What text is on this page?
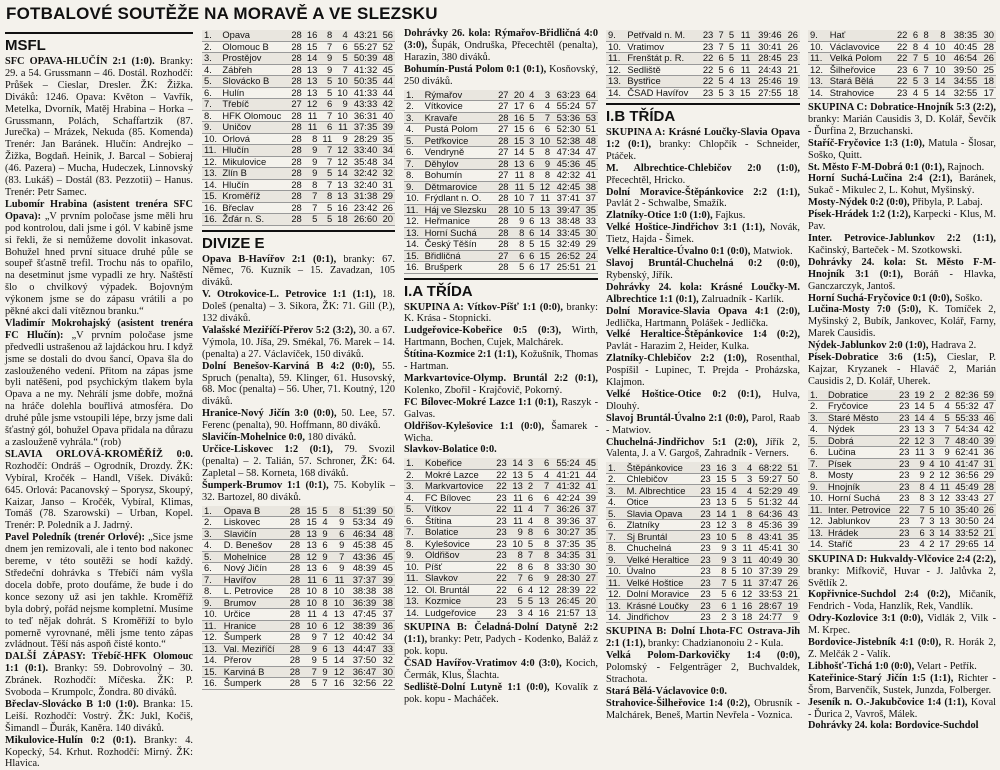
FOTBALOVÉ SOUTĚŽE NA MORAVĚ A VE SLEZSKU
MSFL

SFC OPAVA-HLUČÍN 2:1 (1:0). Branky: 29. a 54. Grussmann – 46. Dostál. Rozhodčí: Průšek – Cieslar, Dresler. ŽK: Žižka. Diváků: 1246. Opava: Květon – Vavřík, Metelka, Dvorník, Matěj Hrabina – Horka – Grussmann, Polách, Schaffartzik (87. Jurečka) – Mrázek, Nekuda (85. Komenda) Trenér: Jan Baránek. Hlučín: Andrejko – Žižka, Bogdaň. Heinik, J. Barcal – Sobieraj (46. Pazera) – Mucha, Hudeczek, Linnovský (83. Lukáš) – Dostál (83. Pezzotii) – Hanus. Trenér: Petr Samec.

Lubomír Hrabina (asistent trenéra SFC Opava): „V prvním poločase jsme měli hru pod kontrolou, dali jsme i gól. V kabině jsme si řekli, že si nemůžeme dovolit inkasovat. Bohužel hned první situace druhé půle se soupeř šťastně trefil. Trochu nás to opařilo, na desetminut jsme vypadli ze hry. Naštěstí šlo o chvilkový výpadek. Bojovným výkonem jsme se do zápasu vrátili a po pěkné akci dali vítěznou branku.“

Vladimír Mokrohajský (asistent trenéra FC Hlučín): „V prvním poločase jsme předvedli ustrašenou až lajdáckou hru. I když jsme se dostali do dvou šancí, Opava šla do zaslouženého vedení. Přitom na zápas jsme byli natěšeni, pod psychickým tlakem byla Opava a ne my. Nehrálí jsme dobře, možná na hráče dolehla bouřlivá atmosféra. Do druhé půle jsme vstoupili lépe, brzy jsme dali šťastný gól, bohužel Opava přidala na důrazu a zaslouženě vyhrála.“ (rob)

SLAVIA ORLOVÁ-KROMĚŘÍŽ 0:0. Rozhodčí: Ondráš – Ogrodník, Drozdy. ŽK: Vybíral, Kročék – Handl, Víšek. Diváků: 645. Orlová: Pacanovský – Sporysz, Skoupý, Kaizar, Janso – Kročék, Vybíral, Klimas, Tomáš (78. Szarowski) – Urban, Kopel. Trenér: P. Poledník a J. Jadrný.

Pavel Poledník (trenér Orlové): „Sice jsme dnem jen remizovali, ale i tento bod nakonec bereme, v této soutěži se hodí každý. Středeční dohrávka s Třebíčí nám vyšla docela dobře, proto doufáme, že bude i do konce sezony už asi jen takhle. Kroměříž byla dobrý, pořád nejsme kompletní. Musíme to teď nějak dohrát. S Kroměříží to bylo pomerně vyrovnané, měli jsme tento zápas zvládnout. Těší nás aspoň čisté konto.“

DALŠÍ ZÁPASY: Třebíč-HFK Olomouc 1:1 (0:1). Branky: 59. Dobrovolný – 30. Zbránek. Rozhodčí: Míčeska. ŽK: P. Svoboda – Krumpolc, Žondra. 80 diváků.

Břeclav-Slovácko B 1:0 (1:0). Branka: 15. Leiší. Rozhodčí: Vostrý. ŽK: Jukl, Kočiš, Šimandl – Ďurák, Kaněra. 140 diváků.

Mikulovice-Hulín 0:2 (0:1). Branky: 4. Kopecký, 54. Krhut. Rozhodčí: Mirný. ŽK: Hlavica.

1.	Opava	28	16	8	4	43:21	56
2.	Olomouc B	28	15	7	6	55:27	52
3.	Prostějov	28	14	9	5	50:39	48
4.	Zábřeh	28	13	9	7	41:32	45
5.	Slovácko B	28	13	5	10	50:35	44
6.	Hulín	28	13	5	10	41:33	44
7.	Třebíč	27	12	6	9	43:33	42
8.	HFK Olomouc	28	11	7	10	36:31	40
9.	Uničov	28	11	6	11	37:35	39
10.	Orlová	28	8	11	9	28:29	35
11.	Hlučín	28	9	7	12	33:40	34
12.	Mikulovice	28	9	7	12	35:48	34
13.	Zlín B	28	9	5	14	32:42	32
14.	Hlučín	28	8	7	13	32:40	31
15.	Kroměříž	28	7	8	13	31:38	29
16.	Břeclav	28	7	5	16	23:42	26
16.	Žďár n. S.	28	5	5	18	26:60	20
DIVIZE E

Opava B-Havířov 2:1 (0:1), branky: 67. Němec, 76. Kuzník – 15. Zavadzan, 105 diváků.

V. Otrokovice-L. Petrovice 1:1 (1:1), 18. Doleš (penalta) – 3. Sikora, ŽK: 71. Gill (P.), 132 diváků.

Valašské Meziříčí-Přerov 5:2 (3:2), 30. a 67. Výmola, 10. Jíša, 29. Smékal, 76. Marek – 14. (penalta) a 27. Václavíček, 150 diváků.

Dolní Benešov-Karviná B 4:2 (0:0), 55. Spruch (penalta), 59. Klinger, 61. Husovský, 68. Moc (penalta) – 56. Uher, 71. Koutný, 120 diváků.

Hranice-Nový Jičín 3:0 (0:0), 50. Lee, 57. Ferenc (penalta), 90. Hoffmann, 80 diváků.

Slavičín-Mohelnice 0:0, 180 diváků.

Určice-Liskovec 1:2 (0:1), 79. Svozil (penalta) – 2. Talián, 57. Schroner, ŽK: 64. Zapletal – 58. Korneta, 168 diváků.

Šumperk-Brumov 1:1 (0:1), 75. Kobylík – 32. Bartozel, 80 diváků.

1.	Opava B	28	15	5	8	51:39	50
2.	Liskovec	28	15	4	9	53:34	49
3.	Slavičín	28	13	9	6	46:34	48
4.	D. Benešov	28	13	6	9	45:38	45
5.	Mohelnice	28	12	9	7	43:36	45
6.	Nový Jičín	28	13	6	9	48:39	45
7.	Havířov	28	11	6	11	37:37	39
8.	L. Petrovice	28	10	8	10	38:38	38
9.	Brumov	28	10	8	10	36:39	38
10.	Určice	28	11	4	13	47:45	37
11.	Hranice	28	10	6	12	38:39	36
12.	Šumperk	28	9	7	12	40:42	34
13.	Val. Meziříčí	28	9	6	13	44:47	33
14.	Přerov	28	9	5	14	37:50	32
15.	Karviná B	28	7	9	12	36:47	30
16.	Šumperk	28	5	7	16	32:56	22

Dohrávky 26. kola: Rýmařov-Břidličná 4:0 (3:0), Šupák, Ondruška, Přecechtěl (penalta), Harazin, 380 diváků.

Bohumín-Pustá Polom 0:1 (0:1), Kosňovský, 250 diváků.

1.	Rýmařov	27	20	4	3	63:23	64
2.	Vítkovice	27	17	6	4	55:24	57
3.	Kravaře	28	16	5	7	53:36	53
4.	Pustá Polom	27	15	6	6	52:30	51
5.	Petřkovice	28	15	3	10	52:38	48
6.	Vendryně	27	14	5	8	47:34	47
7.	Děhylov	28	13	6	9	45:36	45
8.	Bohumín	27	11	8	8	42:32	41
9.	Dětmarovice	28	11	5	12	42:45	38
10.	Frýdlant n. O.	28	10	7	11	37:41	37
11.	Háj ve Slezsku	28	10	5	13	39:47	35
12.	Heřmanice	28	9	6	13	38:48	33
13.	Horní Suchá	28	8	6	14	33:45	30
14.	Český Těšín	28	8	5	15	32:49	29
15.	Břidličná	27	6	6	15	26:52	24
16.	Brušperk	28	5	6	17	25:51	21
I.A TŘÍDA

SKUPINA A: Vítkov-Píšť 1:1 (0:0), branky: K. Krása - Stopnicki.

Ludgeřovice-Kobeřice 0:5 (0:3), Wirth, Hartmann, Bochen, Cujek, Malchárek.

Štítina-Kozmice 2:1 (1:1), Kožušník, Thomas - Hartman.

Markvartovice-Olymp. Bruntál 2:2 (0:1), Kolenko, Zbořil - Krajčovič, Pokorný.

FC Bílovec-Mokré Lazce 1:1 (0:1), Raszyk - Galvas.

Oldřišov-Kylešovice 1:1 (0:0), Šamarek - Wicha.

Slavkov-Bolatice 0:0.

1.	Kobeřice	23	14	3	6	55:24	45
2.	Mokré Lazce	22	13	5	4	41:21	44
3.	Markvartovice	22	13	2	7	41:32	41
4.	FC Bílovec	23	11	6	6	42:24	39
5.	Vítkov	22	11	4	7	36:26	37
6.	Štítina	23	11	4	8	39:36	37
7.	Bolatice	23	9	8	6	30:27	35
8.	Kylešovice	23	10	5	8	37:35	35
9.	Oldřišov	23	8	7	8	34:35	31
10.	Píšť	22	8	6	8	33:30	30
11.	Slavkov	22	7	6	9	28:30	27
12.	Ol. Bruntál	22	6	4	12	28:39	22
13.	Kozmice	23	5	5	13	26:45	20
14.	Ludgeřovice	23	3	4	16	21:57	13

SKUPINA B: Čeladná-Dolní Datyně 2:2 (1:1), branky: Petr, Padych - Kodenko, Baláž z pok. kopu.

ČSAD Havířov-Vratimov 4:0 (3:0), Kocich, Čermák, Klus, Šlachta.

Sedliště-Dolní Lutyně 1:1 (0:0), Kovalík z pok. kopu - Macháček.

9.	Petřvald n. M.	23	7	5	11	39:46	26
10.	Vratimov	23	7	5	11	30:41	26
11.	Frenštát p. R.	22	6	5	11	28:45	23
12.	Sedliště	22	5	6	11	24:43	21
13.	Bystřice	22	5	4	13	25:46	19
14.	ČSAD Havířov	23	5	3	15	27:55	18
I.B TŘÍDA

SKUPINA A: Krásné Loučky-Slavia Opava 1:2 (0:1), branky: Chlopčík - Schneider, Ptáček.

M. Albrechtice-Chlebičov 2:0 (1:0), Přecechtěl, Hricko.

Dolní Moravice-Štěpánkovice 2:2 (1:1), Pavlát 2 - Schwalbe, Smažík.

Zlatníky-Otice 1:0 (1:0), Fajkus.

Velké Hoštice-Jindřichov 3:1 (1:1), Novák, Tietz, Hajda - Šimek.

Velké Heraltice-Úvalno 0:1 (0:0), Matwiok.

Slavoj Bruntál-Chuchelná 0:2 (0:0), Rybenský, Jířík.

Dohrávky 24. kola: Krásné Loučky-M. Albrechtice 1:1 (0:1), Zalruadník - Karlík.

Dolní Moravice-Slavia Opava 4:1 (2:0), Jedlička, Hartmann, Polášek - Jedlička.

Velké Heraltice-Štěpánkovice 1:4 (0:2), Pavlát - Harazim 2, Heider, Kulka.

Zlatníky-Chlebičov 2:2 (1:0), Rosenthal, Pospíšil - Lupinec, T. Prejda - Proházska, Klajmon.

Velké Hoštice-Otice 0:2 (0:1), Hulva, Dlouhý.

Slavoj Bruntál-Úvalno 2:1 (0:0), Parol, Raab - Matwiov.

Chuchelná-Jindřichov 5:1 (2:0), Jířík 2, Valenta, J. a V. Gargoš, Zahradník - Verners.

1.	Štěpánkovice	23	16	3	4	68:22	51
2.	Chlebičov	23	15	5	3	59:27	50
3.	M. Albrechtice	23	15	4	4	52:29	49
4.	Otice	23	13	5	5	51:32	44
5.	Slavia Opava	23	14	1	8	64:36	43
6.	Zlatníky	23	12	3	8	45:36	39
7.	Sj Bruntál	23	10	5	8	43:41	35
8.	Chuchelná	23	9	3	11	45:41	30
9.	Velké Heraltice	23	9	3	11	40:49	30
10.	Úvalno	23	8	5	10	37:39	29
11.	Velké Hoštice	23	7	5	11	37:47	26
12.	Dolní Moravice	23	5	6	12	33:53	21
13.	Krásné Loučky	23	6	1	16	28:67	19
14.	Jindřichov	23	2	3	18	24:77	9

SKUPINA B: Dolní Lhota-FC Ostrava-Jih 2:1 (1:1), branky: Chadzianonoiu 2 - Kula.

Velká Polom-Darkovičky 1:4 (0:0), Polomský - Felgenträger 2, Buchvaldek, Strachota.

Stará Bělá-Václavovice 0:0.

Strahovice-Šilheřovice 1:4 (0:2), Obrusník - Malchárek, Beneš, Martin Nevřela - Voznica.

9.	Hať	22	6	8	8	38:35	30
10.	Václavovice	22	8	4	10	40:45	28
11.	Velká Polom	22	7	5	10	46:54	26
12.	Šilheřovice	23	6	7	10	39:50	25
13.	Stará Bělá	22	5	3	14	34:55	18
14.	Strahovice	23	4	5	14	32:55	17

SKUPINA C: Dobratice-Hnojník 5:3 (2:2), branky: Marián Causidis 3, D. Kolář, Ševčík - Ďurfina 2, Brzuchanski.

Staříč-Fryčovice 1:3 (1:0), Matula - Šlosar, Soško, Quitt.

St. Město F-M-Dobrá 0:1 (0:1), Rajnoch.

Horní Suchá-Lučina 2:4 (2:1), Baránek, Sukač - Mikulec 2, L. Kohut, Myšinský.

Mosty-Nýdek 0:2 (0:0), Přibyla, P. Labaj.

Písek-Hrádek 1:2 (1:2), Karpecki - Klus, M. Pav.

Inter. Petrovice-Jablunkov 2:2 (1:1), Kačinský, Barteček - M. Szotkowski.

Dohrávky 24. kola: St. Město F-M-Hnojník 3:1 (0:1), Boráň - Hlavka, Ganczarczyk, Jantoš.

Horní Suchá-Fryčovice 0:1 (0:0), Soško.

Lučina-Mosty 7:0 (5:0), K. Tomíček 2, Myšinský 2, Bubík, Jankovec, Kolář, Farny, Marek Causidis.

Nýdek-Jablunkov 2:0 (1:0), Hadrava 2.

Písek-Dobratice 3:6 (1:5), Cieslar, P. Kajzar, Kryzanek - Hlaváč 2, Marián Causidis 2, D. Kolář, Uherek.

1.	Dobratice	23	19	2	2	82:36	59
2.	Fryčovice	23	14	5	4	55:32	47
3.	Staré Město	23	14	4	5	55:33	46
4.	Nýdek	23	13	3	7	54:34	42
5.	Dobrá	22	12	3	7	48:40	39
6.	Lučina	23	11	3	9	62:41	36
7.	Písek	23	9	4	10	41:47	31
8.	Mosty	23	9	2	12	36:56	29
9.	Hnojník	23	8	4	11	45:49	28
10.	Horní Suchá	23	8	3	12	33:43	27
11.	Inter. Petrovice	22	7	5	10	35:40	26
12.	Jablunkov	23	7	3	13	30:50	24
13.	Hrádek	23	6	3	14	33:52	21
14.	Staříč	23	4	2	17	29:65	14

SKUPINA D: Hukvaldy-Vlčovice 2:4 (2:2), branky: Mifkovič, Huvar - J. Jalůvka 2, Světlík 2.

Kopřivnice-Suchdol 2:4 (0:2), Mičaník, Fendrich - Voda, Hanzlík, Rek, Vandlík.

Odry-Kozlovice 3:1 (0:0), Vidlák 2, Vilk - M. Krpec.

Bordovice-Jistebník 4:1 (0:0), R. Horák 2, Z. Melčák 2 - Valík.

Libhošť-Tichá 1:0 (0:0), Velart - Petřík.

Kateřinice-Starý Jičín 1:5 (1:1), Richter - Šrom, Barvenčík, Sustek, Junzda, Folberger.

Jeseník n. O.-Jakubčovice 1:4 (1:1), Koval - Ďurica 2, Vavroš, Málek.

Dohrávky 24. kola: Bordovice-Suchdol
